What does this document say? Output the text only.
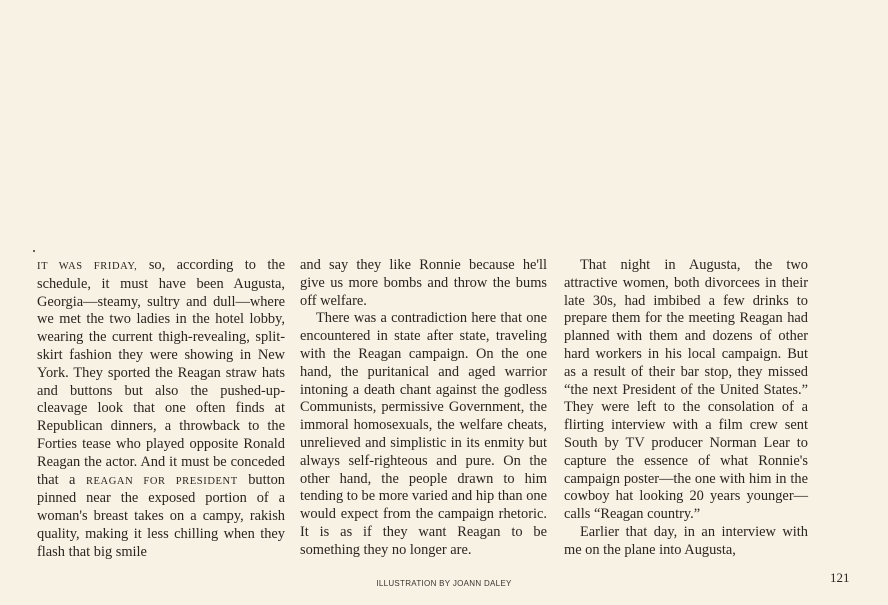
IT WAS FRIDAY, so, according to the schedule, it must have been Augusta, Georgia—steamy, sultry and dull—where we met the two ladies in the hotel lobby, wearing the current thigh-revealing, split-skirt fashion they were showing in New York. They sported the Reagan straw hats and buttons but also the pushed-up-cleavage look that one often finds at Republican dinners, a throwback to the Forties tease who played opposite Ronald Reagan the actor. And it must be conceded that a REAGAN FOR PRESIDENT button pinned near the exposed portion of a woman's breast takes on a campy, rakish quality, making it less chilling when they flash that big smile

and say they like Ronnie because he'll give us more bombs and throw the bums off welfare.

There was a contradiction here that one encountered in state after state, traveling with the Reagan campaign. On the one hand, the puritanical and aged warrior intoning a death chant against the godless Communists, permissive Government, the immoral homosexuals, the welfare cheats, unrelieved and simplistic in its enmity but always self-righteous and pure. On the other hand, the people drawn to him tending to be more varied and hip than one would expect from the campaign rhetoric. It is as if they want Reagan to be something they no longer are.

That night in Augusta, the two attractive women, both divorcees in their late 30s, had imbibed a few drinks to prepare them for the meeting Reagan had planned with them and dozens of other hard workers in his local campaign. But as a result of their bar stop, they missed “the next President of the United States.” They were left to the consolation of a flirting interview with a film crew sent South by TV producer Norman Lear to capture the essence of what Ronnie's campaign poster—the one with him in the cowboy hat looking 20 years younger—calls “Reagan country.”

Earlier that day, in an interview with me on the plane into Augusta,

121
ILLUSTRATION BY JOANN DALEY
